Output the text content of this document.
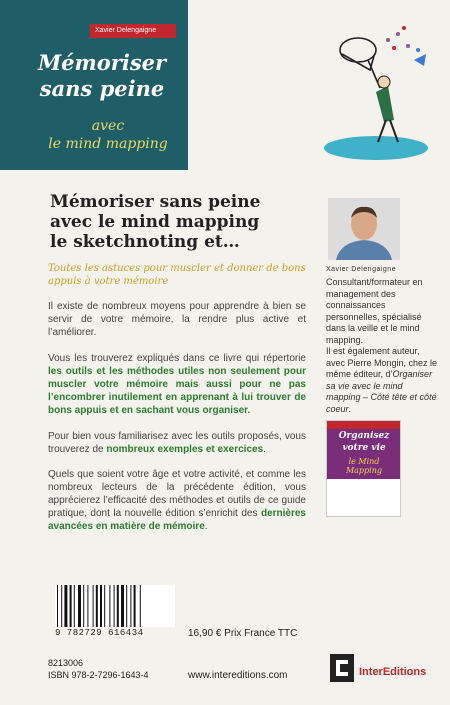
Xavier Delengaigne
Mémoriser
sans peine
avec
le mind mapping
Mémoriser sans peine
avec le mind mapping
le sketchnoting et…
Toutes les astuces pour muscler et donner de bons appuis à votre mémoire
Il existe de nombreux moyens pour apprendre à bien se servir de votre mémoire, la rendre plus active et l’améliorer.
Vous les trouverez expliqués dans ce livre qui répertorie les outils et les méthodes utiles non seulement pour muscler votre mémoire mais aussi pour ne pas l’encombrer inutilement en apprenant à lui trouver de bons appuis et en sachant vous organiser.
Pour bien vous familiarisez avec les outils proposés, vous trouverez de nombreux exemples et exercices.
Quels que soient votre âge et votre activité, et comme les nombreux lecteurs de la précédente édition, vous apprécierez l’efficacité des méthodes et outils de ce guide pratique, dont la nouvelle édition s’enrichit des dernières avancées en matière de mémoire.
Xavier Delengaigne
Consultant/formateur en management des connaissances personnelles, spécialisé dans la veille et le mind mapping.
Il est également auteur, avec Pierre Mongin, chez le même éditeur, d’Organiser sa vie avec le mind mapping – Côté tête et côté coeur.
Organisez
votre vie
le Mind Mapping
9 782729 616434	16,90 € Prix France TTC
8213006
ISBN 978-2-7296-1643-4	www.intereditions.com	InterEditions
